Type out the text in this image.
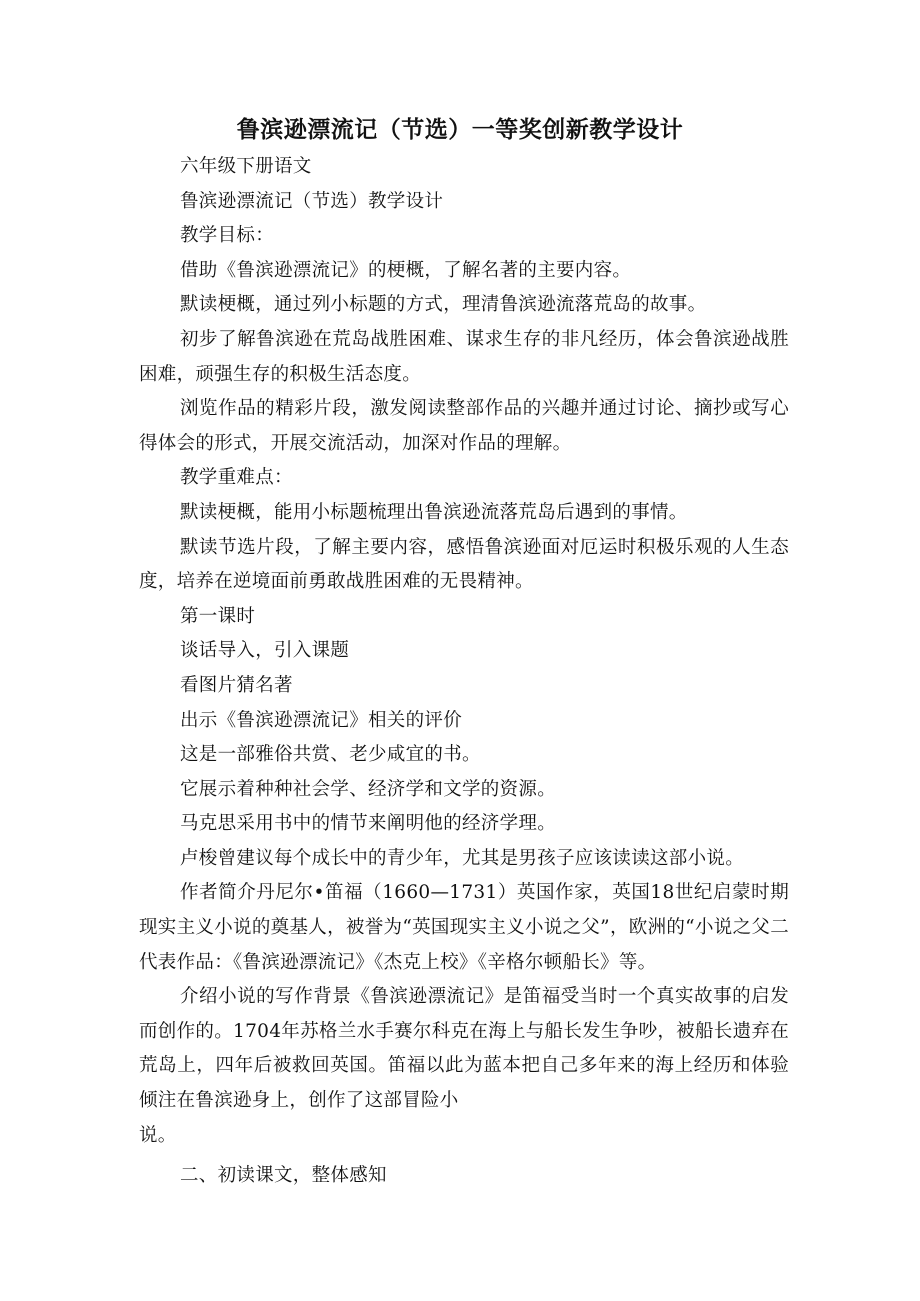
鲁滨逊漂流记（节选）一等奖创新教学设计

六年级下册语文

鲁滨逊漂流记（节选）教学设计

教学目标：

借助《鲁滨逊漂流记》的梗概，了解名著的主要内容。

默读梗概，通过列小标题的方式，理清鲁滨逊流落荒岛的故事。

初步了解鲁滨逊在荒岛战胜困难、谋求生存的非凡经历，体会鲁滨逊战胜困难，顽强生存的积极生活态度。

浏览作品的精彩片段，激发阅读整部作品的兴趣并通过讨论、摘抄或写心得体会的形式，开展交流活动，加深对作品的理解。

教学重难点：

默读梗概，能用小标题梳理出鲁滨逊流落荒岛后遇到的事情。

默读节选片段，了解主要内容，感悟鲁滨逊面对厄运时积极乐观的人生态度，培养在逆境面前勇敢战胜困难的无畏精神。

第一课时

谈话导入，引入课题

看图片猜名著

出示《鲁滨逊漂流记》相关的评价

这是一部雅俗共赏、老少咸宜的书。

它展示着种种社会学、经济学和文学的资源。

马克思采用书中的情节来阐明他的经济学理。

卢梭曾建议每个成长中的青少年，尤其是男孩子应该读读这部小说。

作者简介丹尼尔•笛福（1660—1731）英国作家，英国18世纪启蒙时期现实主义小说的奠基人，被誉为“英国现实主义小说之父”，欧洲的“小说之父二代表作品：《鲁滨逊漂流记》《杰克上校》《辛格尔顿船长》等。

介绍小说的写作背景《鲁滨逊漂流记》是笛福受当时一个真实故事的启发而创作的。1704年苏格兰水手赛尔科克在海上与船长发生争吵，被船长遗弃在荒岛上，四年后被救回英国。笛福以此为蓝本把自己多年来的海上经历和体验倾注在鲁滨逊身上，创作了这部冒险小

说。

二、初读课文，整体感知
